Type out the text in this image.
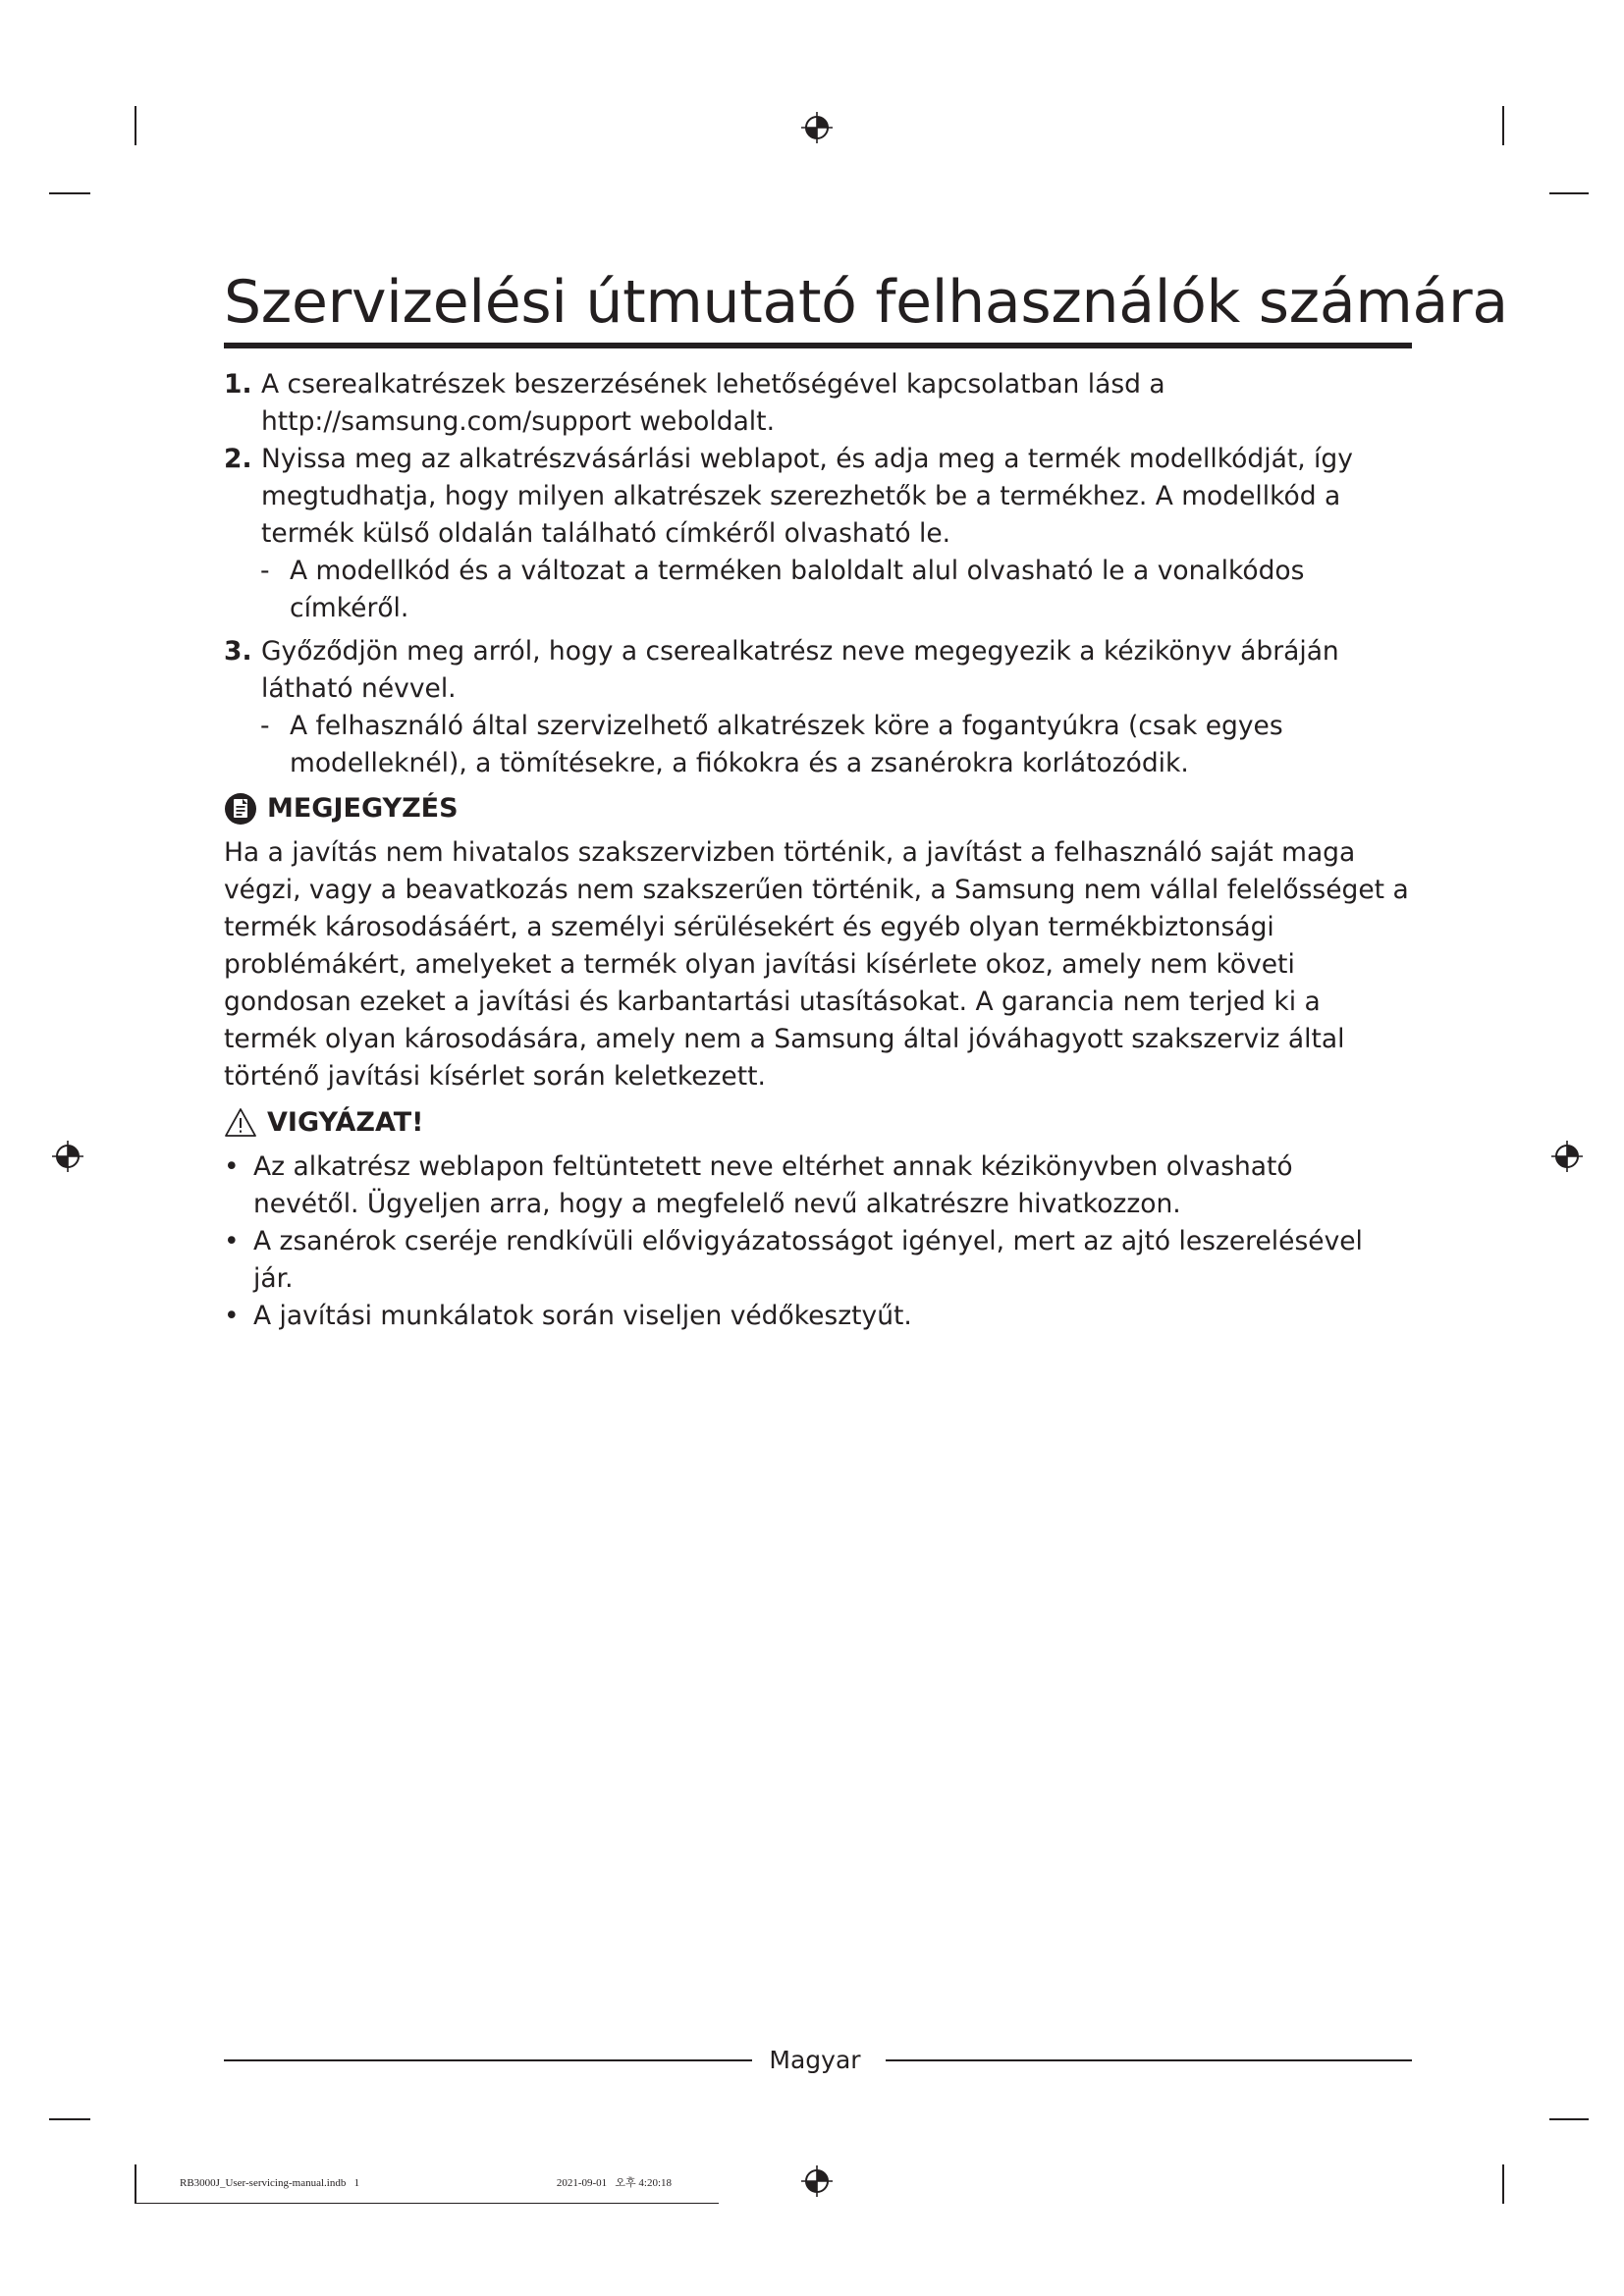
Szervizelési útmutató felhasználók számára
1. A cserealkatrészek beszerzésének lehetőségével kapcsolatban lásd a http://samsung.com/support weboldalt.
2. Nyissa meg az alkatrészvásárlási weblapot, és adja meg a termék modellkódját, így megtudhatja, hogy milyen alkatrészek szerezhetők be a termékhez. A modellkód a termék külső oldalán található címkéről olvasható le.
- A modellkód és a változat a terméken baloldalt alul olvasható le a vonalkódos címkéről.
3. Győződjön meg arról, hogy a cserealkatrész neve megegyezik a kézikönyv ábráján látható névvel.
- A felhasználó által szervizelhető alkatrészek köre a fogantyúkra (csak egyes modelleknél), a tömítésekre, a fiókokra és a zsanérokra korlátozódik.
MEGJEGYZÉS
Ha a javítás nem hivatalos szakszervizben történik, a javítást a felhasználó saját maga végzi, vagy a beavatkozás nem szakszerűen történik, a Samsung nem vállal felelősséget a termék károsodásáért, a személyi sérülésekért és egyéb olyan termékbiztonsági problémákért, amelyeket a termék olyan javítási kísérlete okoz, amely nem követi gondosan ezeket a javítási és karbantartási utasításokat. A garancia nem terjed ki a termék olyan károsodására, amely nem a Samsung által jóváhagyott szakszerviz által történő javítási kísérlet során keletkezett.
VIGYÁZAT!
• Az alkatrész weblapon feltüntetett neve eltérhet annak kézikönyvben olvasható nevétől. Ügyeljen arra, hogy a megfelelő nevű alkatrészre hivatkozzon.
• A zsanérok cseréje rendkívüli elővigyázatosságot igényel, mert az ajtó leszerelésével jár.
• A javítási munkálatok során viseljen védőkesztyűt.
Magyar
RB3000J_User-servicing-manual.indb   1                                                                         2021-09-01   오후 4:20:18
